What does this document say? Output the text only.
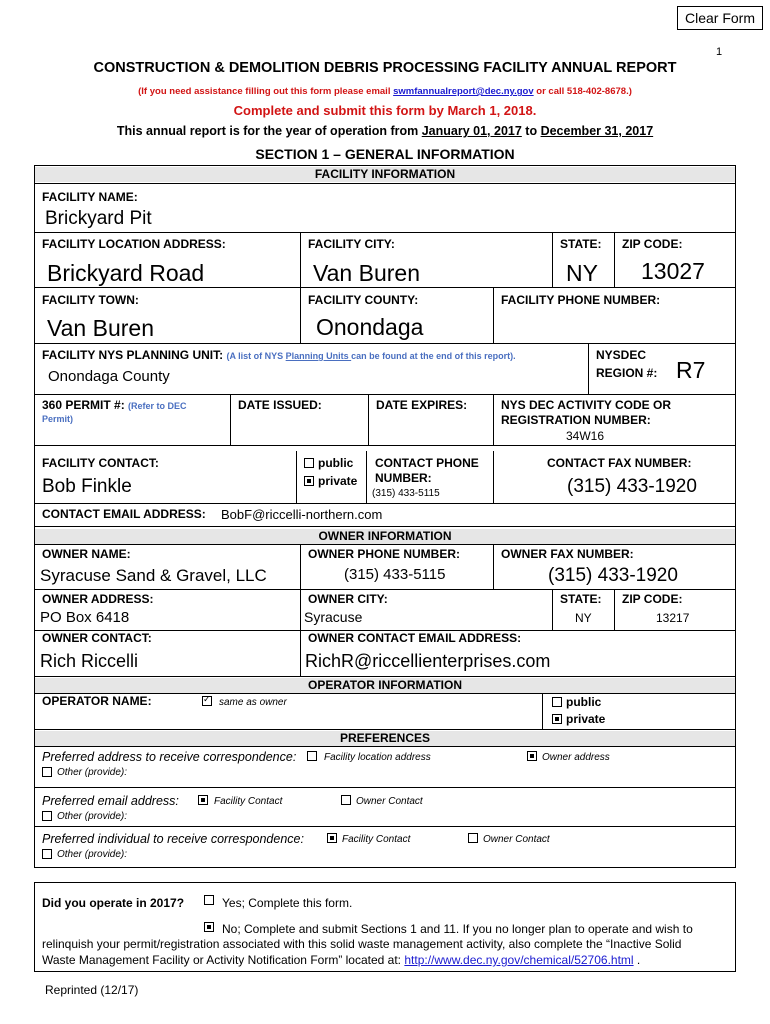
Clear Form
1
CONSTRUCTION & DEMOLITION DEBRIS PROCESSING FACILITY ANNUAL REPORT
(If you need assistance filling out this form please email swmfannualreport@dec.ny.gov or call 518-402-8678.)
Complete and submit this form by March 1, 2018.
This annual report is for the year of operation from January 01, 2017 to December 31, 2017
SECTION 1 – GENERAL INFORMATION
FACILITY INFORMATION
FACILITY NAME:
Brickyard Pit
FACILITY LOCATION ADDRESS:	FACILITY CITY:	STATE: ZIP CODE:
Brickyard Road	Van Buren	NY 13027
FACILITY TOWN:	FACILITY COUNTY:	FACILITY PHONE NUMBER:
Van Buren	Onondaga
FACILITY NYS PLANNING UNIT: (A list of NYS Planning Units can be found at the end of this report).
Onondaga County
NYSDEC
REGION #: R7
360 PERMIT #: (Refer to DEC
Permit)
DATE ISSUED:	DATE EXPIRES:	NYS DEC ACTIVITY CODE OR
REGISTRATION NUMBER:
34W16
FACILITY CONTACT:
Bob Finkle
public
private
CONTACT PHONE
NUMBER:
(315) 433-5115
CONTACT FAX NUMBER:
(315) 433-1920
CONTACT EMAIL ADDRESS: BobF@riccelli-northern.com
OWNER INFORMATION
OWNER NAME:	OWNER PHONE NUMBER:	OWNER FAX NUMBER:
Syracuse Sand & Gravel, LLC	(315) 433-5115	(315) 433-1920
OWNER ADDRESS:	OWNER CITY:	STATE: ZIP CODE:
PO Box 6418	Syracuse	NY	13217
OWNER CONTACT:	OWNER CONTACT EMAIL ADDRESS:
Rich Riccelli	RichR@riccellienterprises.com
OPERATOR INFORMATION
OPERATOR NAME:
✓	same as owner	public
private
PREFERENCES
Preferred address to receive correspondence:	Facility location address	Owner address
Other (provide):
Preferred email address:	Facility Contact	Owner Contact
Other (provide):
Preferred individual to receive correspondence:	Facility Contact	Owner Contact
Other (provide):
Did you operate in 2017?	Yes; Complete this form.
No; Complete and submit Sections 1 and 11. If you no longer plan to operate and wish to
relinquish your permit/registration associated with this solid waste management activity, also complete the “Inactive Solid
Waste Management Facility or Activity Notification Form” located at: http://www.dec.ny.gov/chemical/52706.html .
Reprinted (12/17)
